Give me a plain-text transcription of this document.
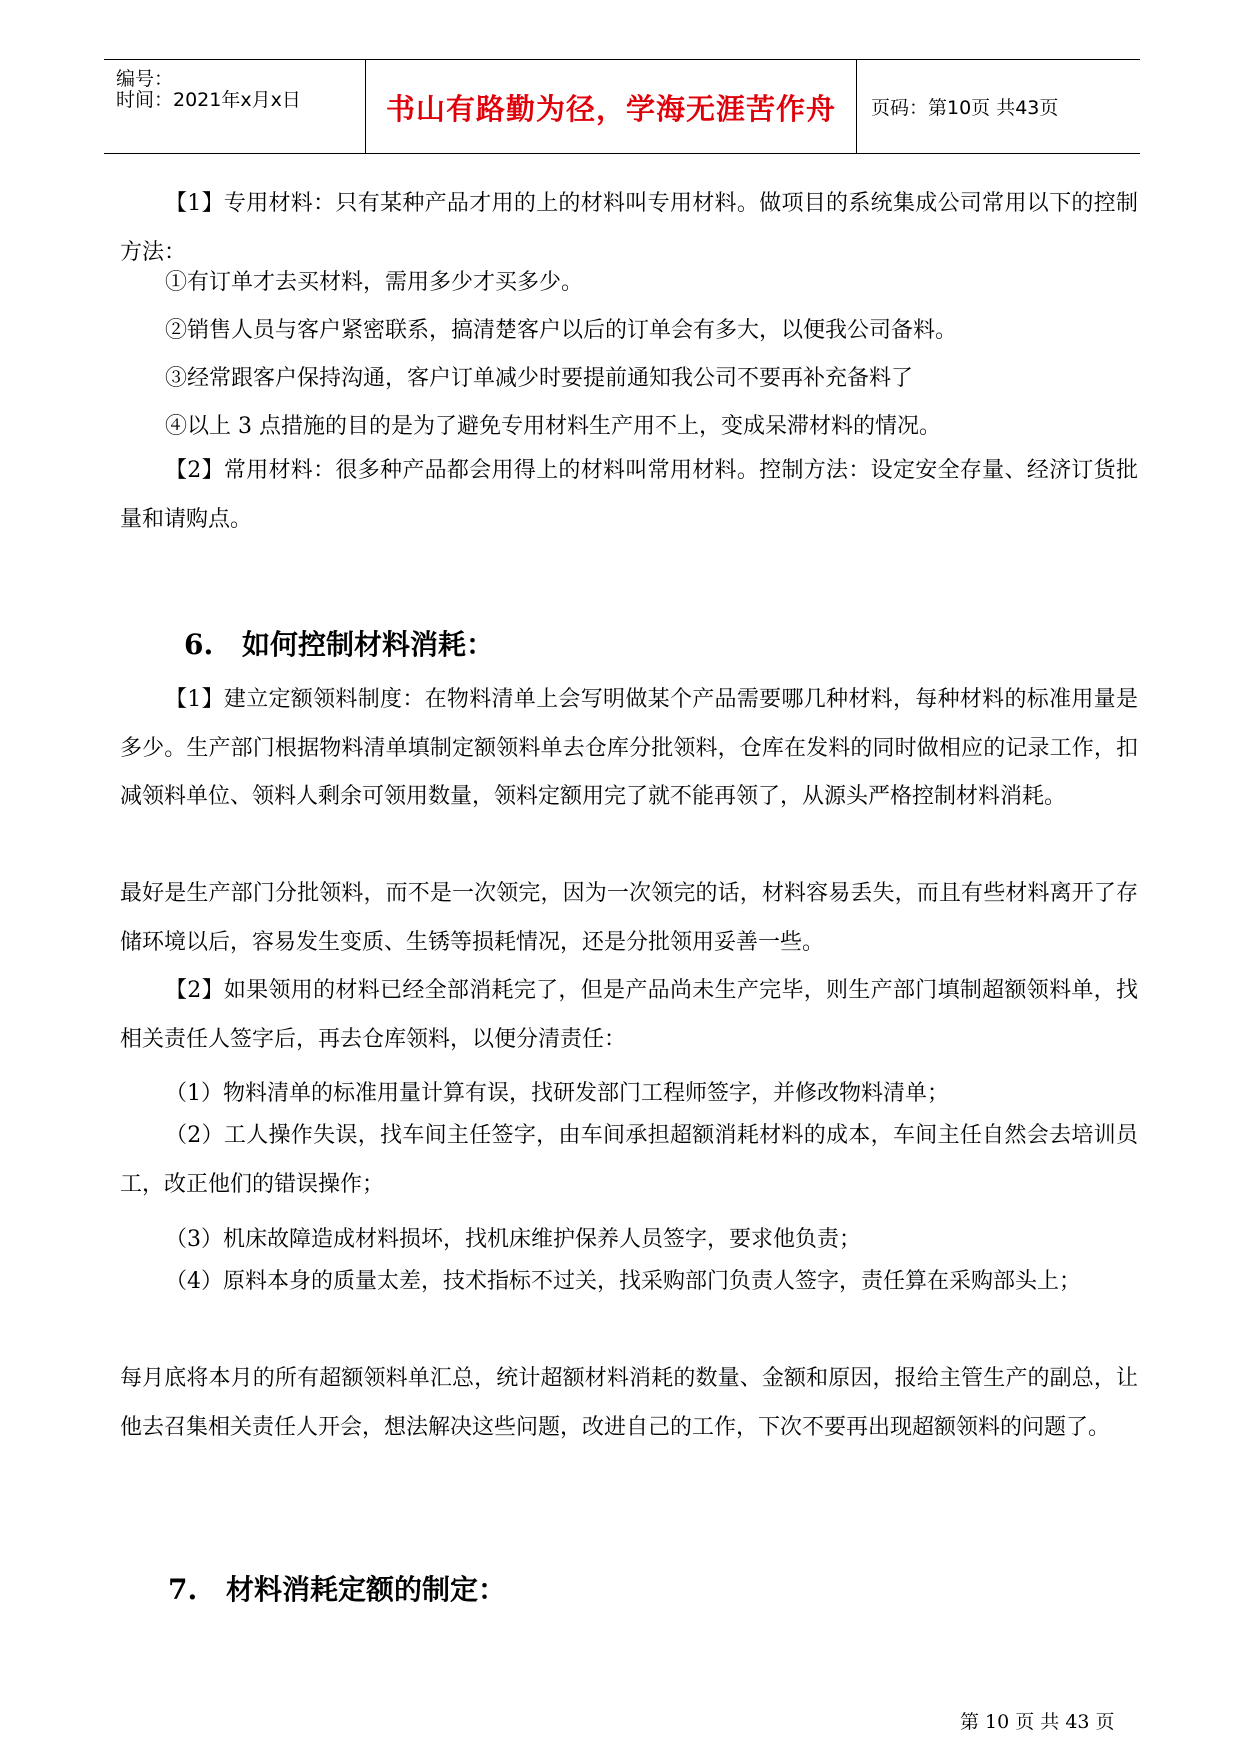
编号：
时间：2021年x月x日	书山有路勤为径，学海无涯苦作舟	页码：第10页 共43页
【1】专用材料：只有某种产品才用的上的材料叫专用材料。做项目的系统集成公司常用以下的控制方法：
①有订单才去买材料，需用多少才买多少。
②销售人员与客户紧密联系，搞清楚客户以后的订单会有多大，以便我公司备料。
③经常跟客户保持沟通，客户订单减少时要提前通知我公司不要再补充备料了
④以上 3 点措施的目的是为了避免专用材料生产用不上，变成呆滞材料的情况。
【2】常用材料：很多种产品都会用得上的材料叫常用材料。控制方法：设定安全存量、经济订货批量和请购点。
6. 如何控制材料消耗：
【1】建立定额领料制度：在物料清单上会写明做某个产品需要哪几种材料，每种材料的标准用量是多少。生产部门根据物料清单填制定额领料单去仓库分批领料，仓库在发料的同时做相应的记录工作，扣减领料单位、领料人剩余可领用数量，领料定额用完了就不能再领了，从源头严格控制材料消耗。
最好是生产部门分批领料，而不是一次领完，因为一次领完的话，材料容易丢失，而且有些材料离开了存储环境以后，容易发生变质、生锈等损耗情况，还是分批领用妥善一些。
【2】如果领用的材料已经全部消耗完了，但是产品尚未生产完毕，则生产部门填制超额领料单，找相关责任人签字后，再去仓库领料，以便分清责任：
（1）物料清单的标准用量计算有误，找研发部门工程师签字，并修改物料清单；
（2）工人操作失误，找车间主任签字，由车间承担超额消耗材料的成本，车间主任自然会去培训员工，改正他们的错误操作；
（3）机床故障造成材料损坏，找机床维护保养人员签字，要求他负责；
（4）原料本身的质量太差，技术指标不过关，找采购部门负责人签字，责任算在采购部头上；
每月底将本月的所有超额领料单汇总，统计超额材料消耗的数量、金额和原因，报给主管生产的副总，让他去召集相关责任人开会，想法解决这些问题，改进自己的工作，下次不要再出现超额领料的问题了。
7. 材料消耗定额的制定：
第 10 页 共 43 页
